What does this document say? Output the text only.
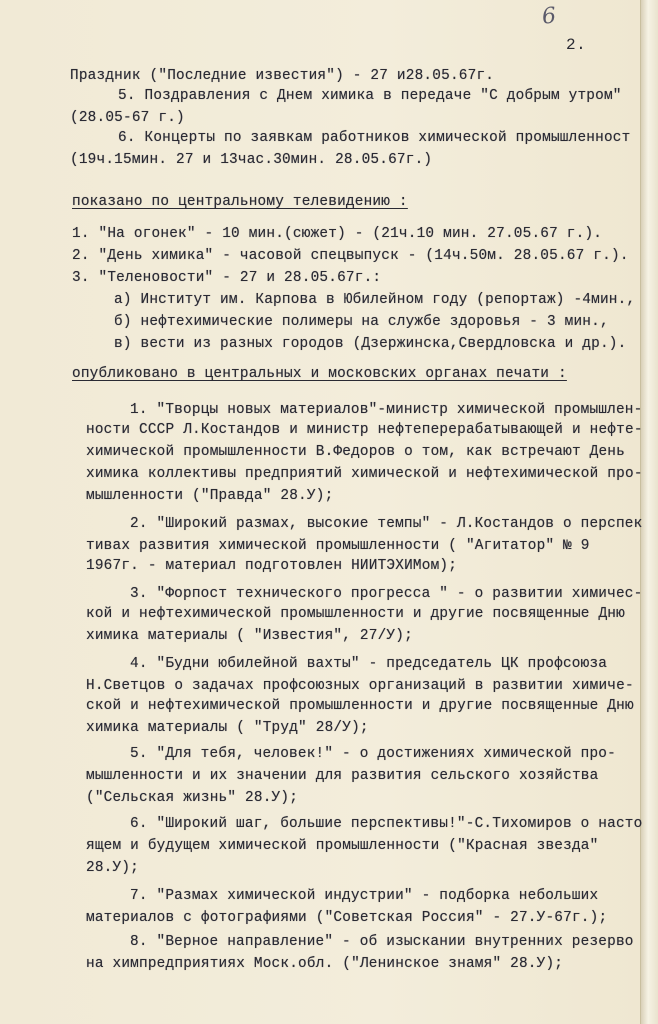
6
2.
Праздник ("Последние известия") - 27 и28.05.67г.
5. Поздравления с Днем химика в передаче "С добрым утром"
(28.05-67 г.)
6. Концерты по заявкам работников химической промышленност
(19ч.15мин. 27 и 13час.30мин. 28.05.67г.)
показано по центральному телевидению :
1. "На огонек" - 10 мин.(сюжет) - (21ч.10 мин. 27.05.67 г.).
2. "День химика" - часовой спецвыпуск - (14ч.50м. 28.05.67 г.).
3. "Теленовости" - 27 и 28.05.67г.:
а) Институт им. Карпова в Юбилейном году (репортаж) -4мин.,
б) нефтехимические полимеры на службе здоровья - 3 мин.,
в) вести из разных городов (Дзержинска,Свердловска и др.).
опубликовано в центральных и московских органах печати :
1. "Творцы новых материалов"-министр химической промышлен-
ности СССР Л.Костандов и министр нефтеперерабатывающей и нефте-
химической промышленности В.Федоров о том, как встречают День
химика коллективы предприятий химической и нефтехимической про-
мышленности ("Правда" 28.У);
2. "Широкий размах, высокие темпы" - Л.Костандов о перспек
тивах развития химической промышленности ( "Агитатор" № 9
1967г. - материал подготовлен НИИТЭХИМом);
3. "Форпост технического прогресса " - о развитии химичес-
кой и нефтехимической промышленности и другие посвященные Дню
химика материалы ( "Известия", 27/У);
4. "Будни юбилейной вахты" - председатель ЦК профсоюза
Н.Светцов о задачах профсоюзных организаций в развитии химиче-
ской и нефтехимической промышленности и другие посвященные Дню
химика материалы ( "Труд" 28/У);
5. "Для тебя, человек!" - о достижениях химической про-
мышленности и их значении для развития сельского хозяйства
("Сельская жизнь" 28.У);
6. "Широкий шаг, большие перспективы!"-С.Тихомиров о насто
ящем и будущем химической промышленности ("Красная звезда"
28.У);
7. "Размах химической индустрии" - подборка небольших
материалов с фотографиями ("Советская Россия" - 27.У-67г.);
8. "Верное направление" - об изыскании внутренних резерво
на химпредприятиях Моск.обл. ("Ленинское знамя" 28.У);
